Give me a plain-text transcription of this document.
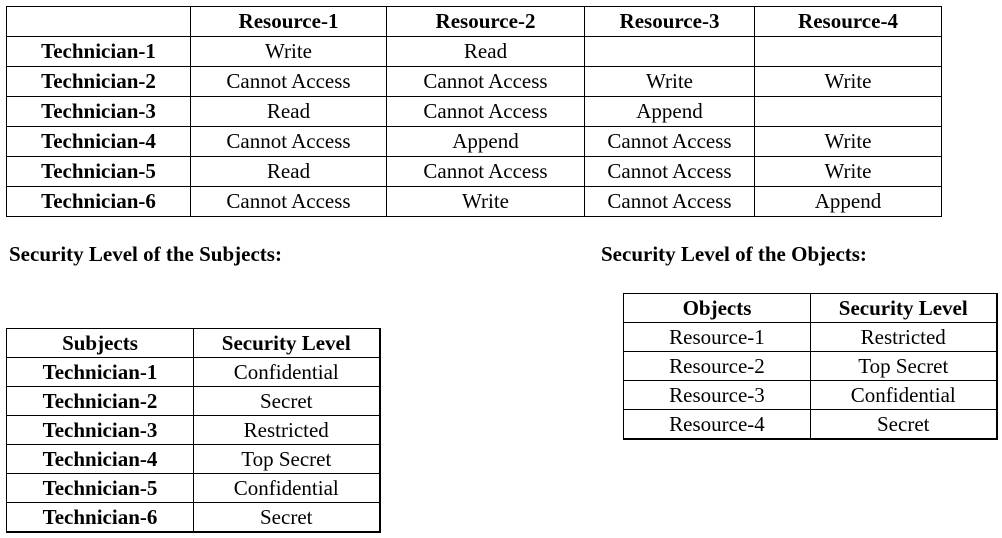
	Resource-1	Resource-2	Resource-3	Resource-4
Technician-1	Write	Read		
Technician-2	Cannot Access	Cannot Access	Write	Write
Technician-3	Read	Cannot Access	Append	
Technician-4	Cannot Access	Append	Cannot Access	Write
Technician-5	Read	Cannot Access	Cannot Access	Write
Technician-6	Cannot Access	Write	Cannot Access	Append
Security Level of the Subjects:	Security Level of the Objects:
Subjects	Security Level
Technician-1	Confidential
Technician-2	Secret
Technician-3	Restricted
Technician-4	Top Secret
Technician-5	Confidential
Technician-6	Secret
Objects	Security Level
Resource-1	Restricted
Resource-2	Top Secret
Resource-3	Confidential
Resource-4	Secret
